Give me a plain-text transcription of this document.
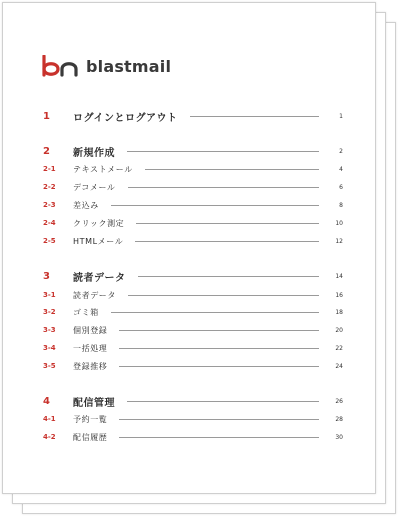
blastmail
1	ログインとログアウト	1
2	新規作成	2
2-1	テキストメール	4
2-2	デコメール	6
2-3	差込み	8
2-4	クリック測定	10
2-5	HTMLメール	12
3	読者データ	14
3-1	読者データ	16
3-2	ゴミ箱	18
3-3	個別登録	20
3-4	一括処理	22
3-5	登録推移	24
4	配信管理	26
4-1	予約一覧	28
4-2	配信履歴	30
